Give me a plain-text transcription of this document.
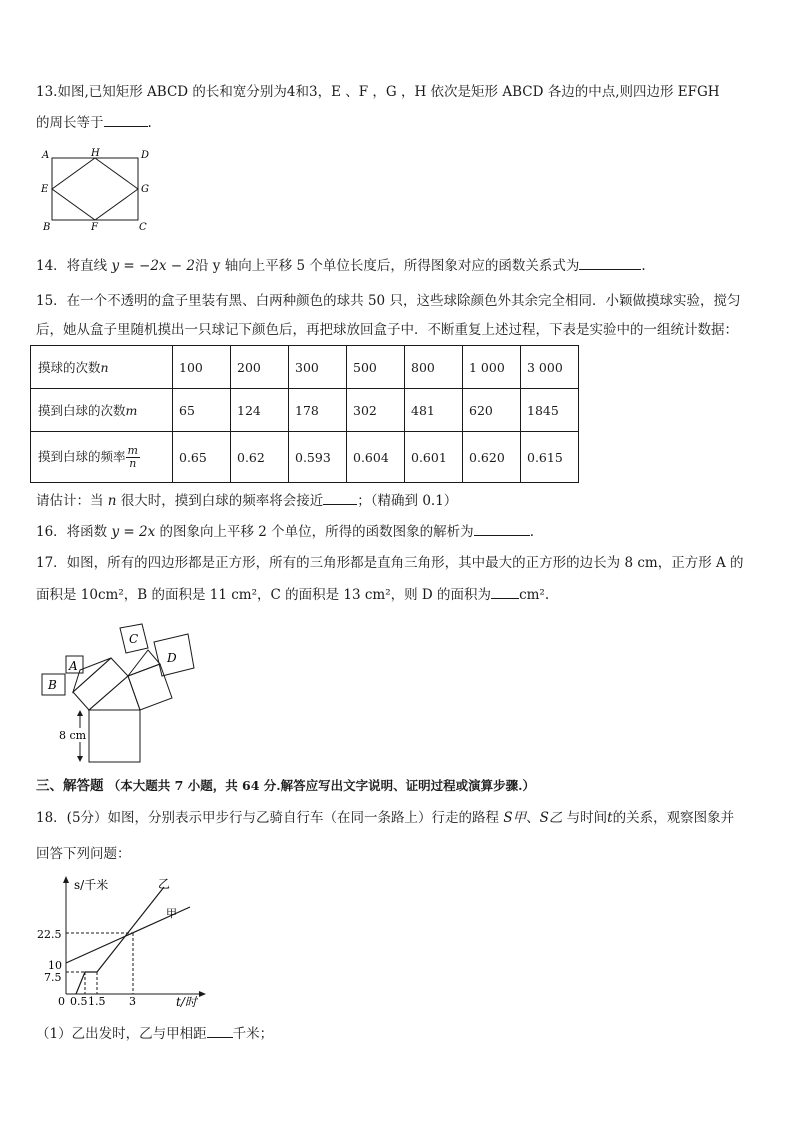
13.如图,已知矩形 ABCD 的长和宽分别为4和3，E 、F ，G ，H 依次是矩形 ABCD 各边的中点,则四边形 EFGH
的周长等于	.
A	H	D
E	G
B	F	C
14．将直线 y = −2x − 2沿 y 轴向上平移 5 个单位长度后，所得图象对应的函数关系式为	.
15．在一个不透明的盒子里装有黑、白两种颜色的球共 50 只，这些球除颜色外其余完全相同．小颖做摸球实验，搅匀
后，她从盒子里随机摸出一只球记下颜色后，再把球放回盒子中．不断重复上述过程，下表是实验中的一组统计数据：
摸球的次数n	100	200	300	500	800	1 000	3 000
摸到白球的次数m	65	124	178	302	481	620	1845
摸到白球的频率 $\frac{m}{n}$	0.65	0.62	0.593	0.604	0.601	0.620	0.615
请估计：当 n 很大时，摸到白球的频率将会接近	；（精确到 0.1）
16．将函数 y = 2x 的图象向上平移 2 个单位，所得的函数图象的解析为	.
17．如图，所有的四边形都是正方形，所有的三角形都是直角三角形，其中最大的正方形的边长为 8 cm，正方形 A 的
面积是 10cm²，B 的面积是 11 cm²，C 的面积是 13 cm²，则 D 的面积为 cm².
B
A
C
D
8 cm
三、解答题 （本大题共 7 小题，共 64 分.解答应写出文字说明、证明过程或演算步骤.）
18．(5分）如图，分别表示甲步行与乙骑自行车（在同一条路上）行走的路程 S甲、S乙 与时间t的关系，观察图象并
回答下列问题：
s/千米
t/时
乙
甲
22.5
10
7.5
0 0.5 1.5 3
（1）乙出发时，乙与甲相距 千米；
